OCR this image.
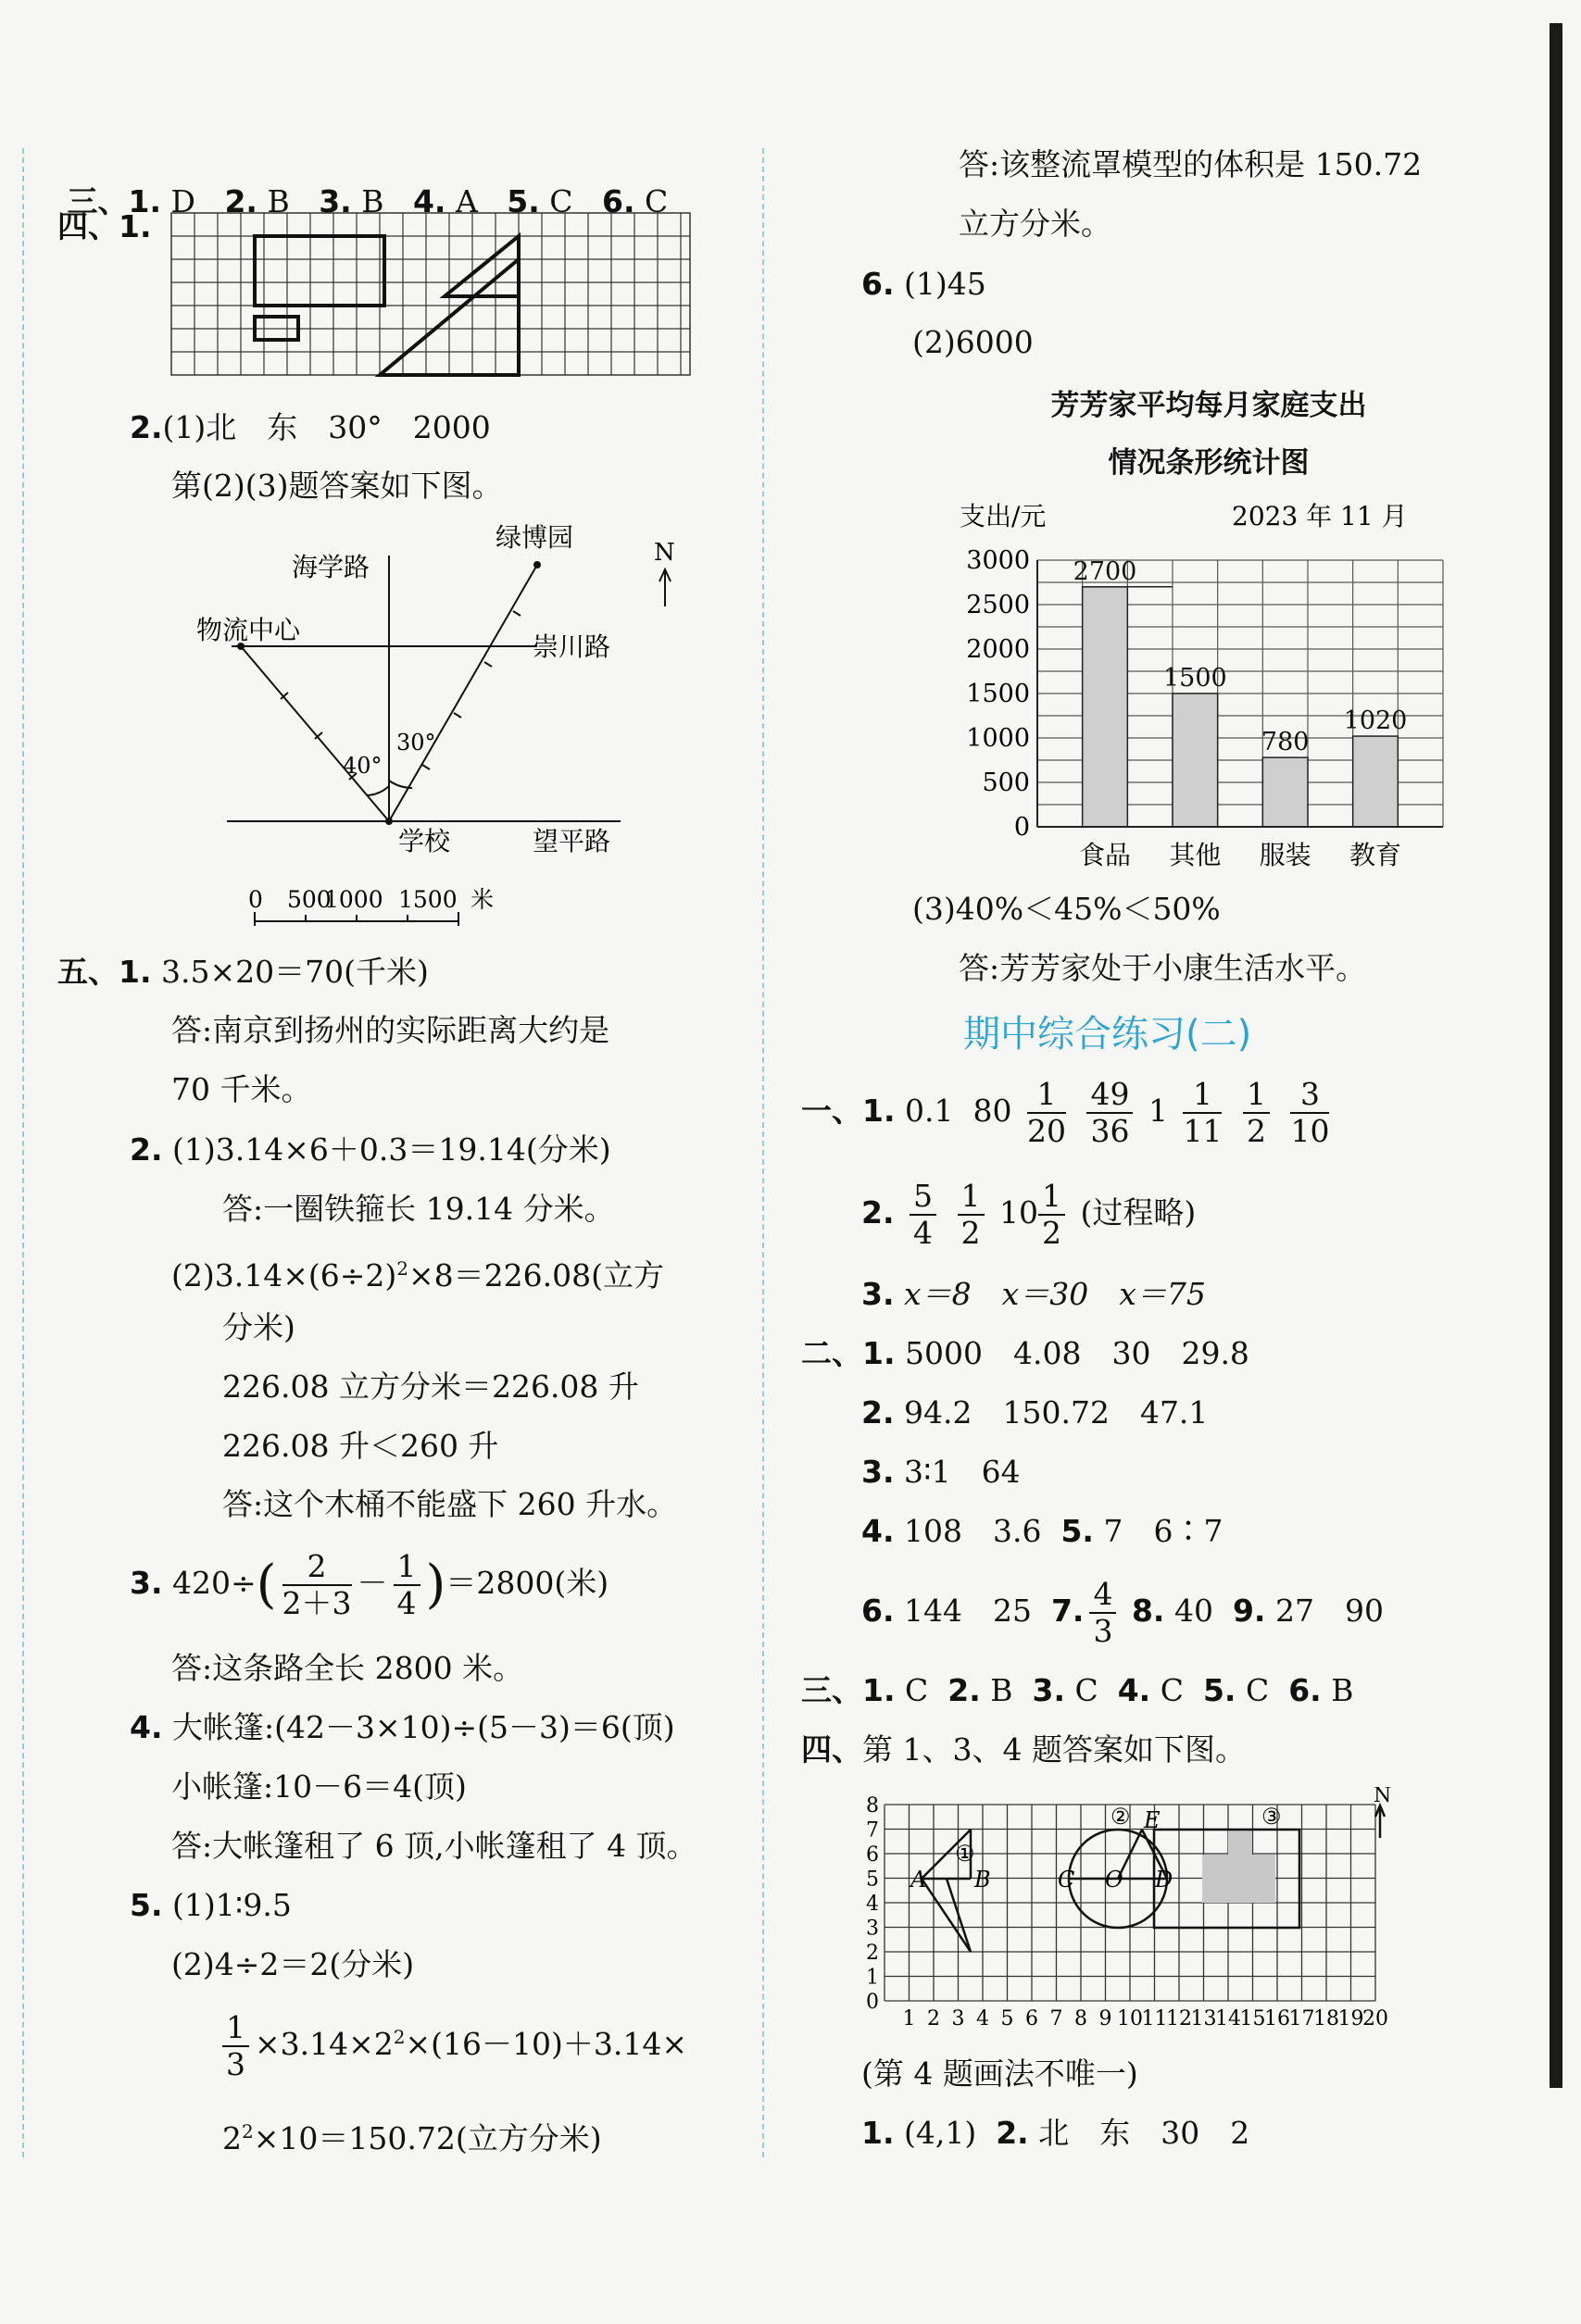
三、1. D 2. B 3. B 4. A 5. C 6. C

四、1.
2.(1)北　东　30°　2000
第(2)(3)题答案如下图。
海学路
物流中心
绿博园
崇川路
学校	望平路
40°
30°
N
0 500
1000 1500 米
五、1. 3.5×20＝70(千米)
答:南京到扬州的实际距离大约是
70 千米。
2. (1)3.14×6＋0.3＝19.14(分米)
答:一圈铁箍长 19.14 分米。
$(2)3.14\times(6\div 2)^2\times 8=226.08$(立方
分米)
226.08 立方分米＝226.08 升
226.08 升＜260 升
答:这个木桶不能盛下 260 升水。
3. $420\div( \frac{2}{2+3} - \frac{1}{4} )=2800$(米)
答:这条路全长 2800 米。
4. 大帐篷:(42－3×10)÷(5－3)＝6(顶)
小帐篷:10－6＝4(顶)
答:大帐篷租了 6 顶,小帐篷租了 4 顶。
5. (1)1∶9.5
(2)4÷2＝2(分米)
$\frac{1}{3} \times 3.14\times 2^2\times(16-10)+3.14\times$
$2^2\times 10=150.72$(立方分米)
答:该整流罩模型的体积是 150.72
立方分米。
6. (1)45
(2)6000
芳芳家平均每月家庭支出
情况条形统计图
支出/元	2023 年 11 月
0
500
1000
1500
2000
2500
3000 2700
食品
1500
其他
780
服装
1020
教育
(3)40%＜45%＜50%
答:芳芳家处于小康生活水平。
期中综合练习(二)
一、1. 0.1 $80 \frac{1}{20}$
$\frac{49}{36} 1 \frac{1}{11}$
$\frac{1}{2}$
$\frac{3}{10}$
2. $\frac{5}{4}$
$\frac{1}{2} 10 \frac{1}{2}$ (过程略)
3. x＝8　x＝30　x＝75
二、1. 5000　4.08　30　29.8
2. 94.2　150.72　47.1
3. 3∶1　64
4. 108　3.6 5. 7　6∶7
6. 144　25 7. $\frac{4}{3} 8$. 40 9. 27　90
三、1. C 2. B 3. C 4. C 5. C 6. B
四、第 1、3、4 题答案如下图。
1 2 3 4 5 6 7 8 9 10
11
12
13
14
15
16
17
18
19
20
0
1
2
3
4
5
6
7
8
A B	C O D
E
①
②	③
N
(第 4 题画法不唯一)
1. (4,1) 2. 北　东　30　2
